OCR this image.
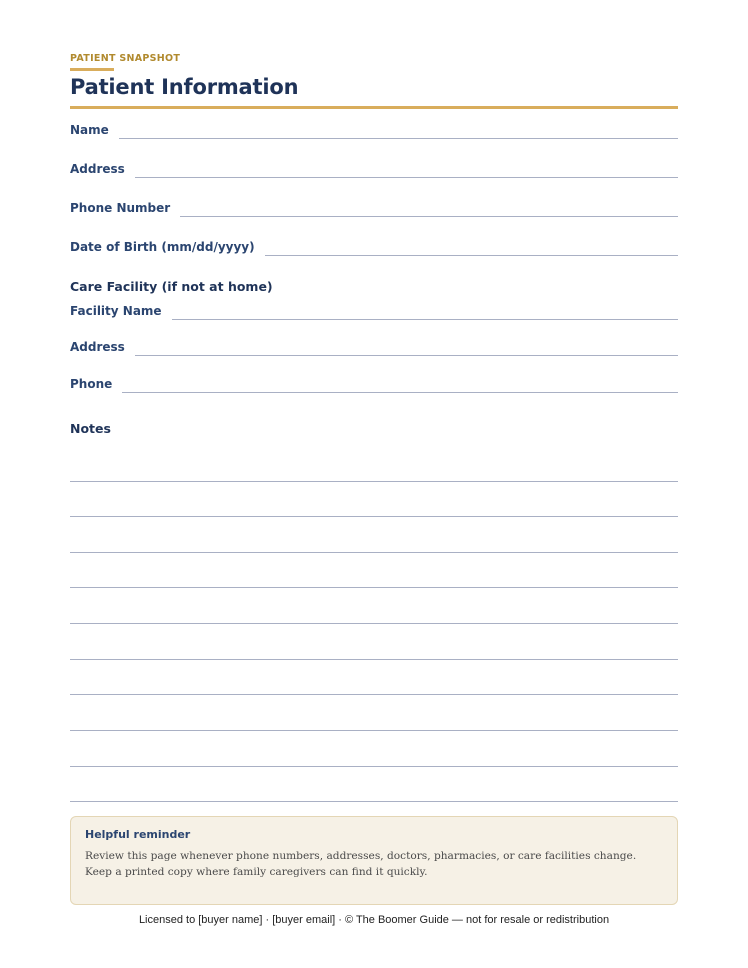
PATIENT SNAPSHOT
Patient Information
Name
Address
Phone Number
Date of Birth (mm/dd/yyyy)
Care Facility (if not at home)
Facility Name
Address
Phone
Notes
Helpful reminder
Review this page whenever phone numbers, addresses, doctors, pharmacies, or care facilities change.
Keep a printed copy where family caregivers can find it quickly.
Licensed to [buyer name] · [buyer email] · © The Boomer Guide — not for resale or redistribution
